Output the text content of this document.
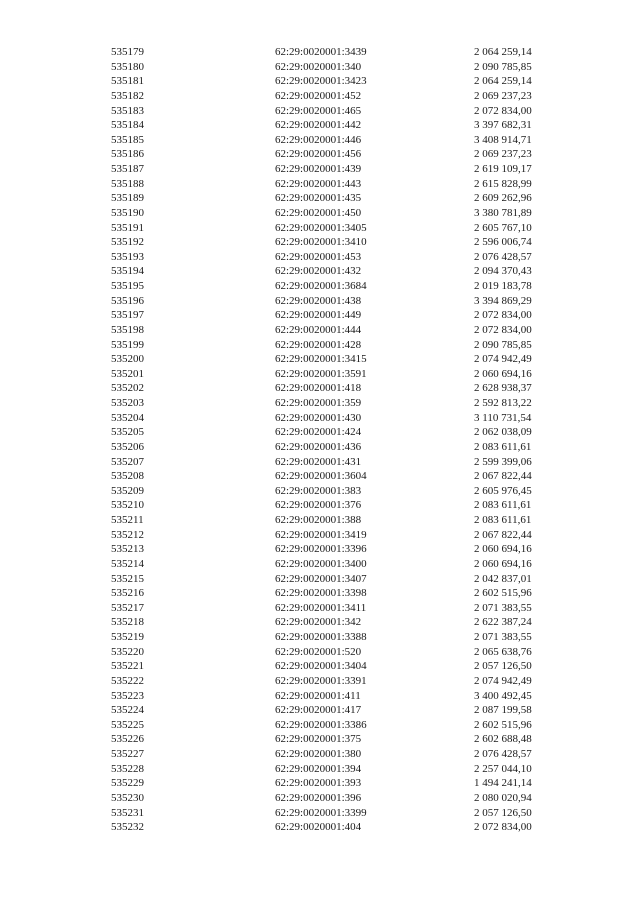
535179	62:29:0020001:3439	2 064 259,14
535180	62:29:0020001:340	2 090 785,85
535181	62:29:0020001:3423	2 064 259,14
535182	62:29:0020001:452	2 069 237,23
535183	62:29:0020001:465	2 072 834,00
535184	62:29:0020001:442	3 397 682,31
535185	62:29:0020001:446	3 408 914,71
535186	62:29:0020001:456	2 069 237,23
535187	62:29:0020001:439	2 619 109,17
535188	62:29:0020001:443	2 615 828,99
535189	62:29:0020001:435	2 609 262,96
535190	62:29:0020001:450	3 380 781,89
535191	62:29:0020001:3405	2 605 767,10
535192	62:29:0020001:3410	2 596 006,74
535193	62:29:0020001:453	2 076 428,57
535194	62:29:0020001:432	2 094 370,43
535195	62:29:0020001:3684	2 019 183,78
535196	62:29:0020001:438	3 394 869,29
535197	62:29:0020001:449	2 072 834,00
535198	62:29:0020001:444	2 072 834,00
535199	62:29:0020001:428	2 090 785,85
535200	62:29:0020001:3415	2 074 942,49
535201	62:29:0020001:3591	2 060 694,16
535202	62:29:0020001:418	2 628 938,37
535203	62:29:0020001:359	2 592 813,22
535204	62:29:0020001:430	3 110 731,54
535205	62:29:0020001:424	2 062 038,09
535206	62:29:0020001:436	2 083 611,61
535207	62:29:0020001:431	2 599 399,06
535208	62:29:0020001:3604	2 067 822,44
535209	62:29:0020001:383	2 605 976,45
535210	62:29:0020001:376	2 083 611,61
535211	62:29:0020001:388	2 083 611,61
535212	62:29:0020001:3419	2 067 822,44
535213	62:29:0020001:3396	2 060 694,16
535214	62:29:0020001:3400	2 060 694,16
535215	62:29:0020001:3407	2 042 837,01
535216	62:29:0020001:3398	2 602 515,96
535217	62:29:0020001:3411	2 071 383,55
535218	62:29:0020001:342	2 622 387,24
535219	62:29:0020001:3388	2 071 383,55
535220	62:29:0020001:520	2 065 638,76
535221	62:29:0020001:3404	2 057 126,50
535222	62:29:0020001:3391	2 074 942,49
535223	62:29:0020001:411	3 400 492,45
535224	62:29:0020001:417	2 087 199,58
535225	62:29:0020001:3386	2 602 515,96
535226	62:29:0020001:375	2 602 688,48
535227	62:29:0020001:380	2 076 428,57
535228	62:29:0020001:394	2 257 044,10
535229	62:29:0020001:393	1 494 241,14
535230	62:29:0020001:396	2 080 020,94
535231	62:29:0020001:3399	2 057 126,50
535232	62:29:0020001:404	2 072 834,00
